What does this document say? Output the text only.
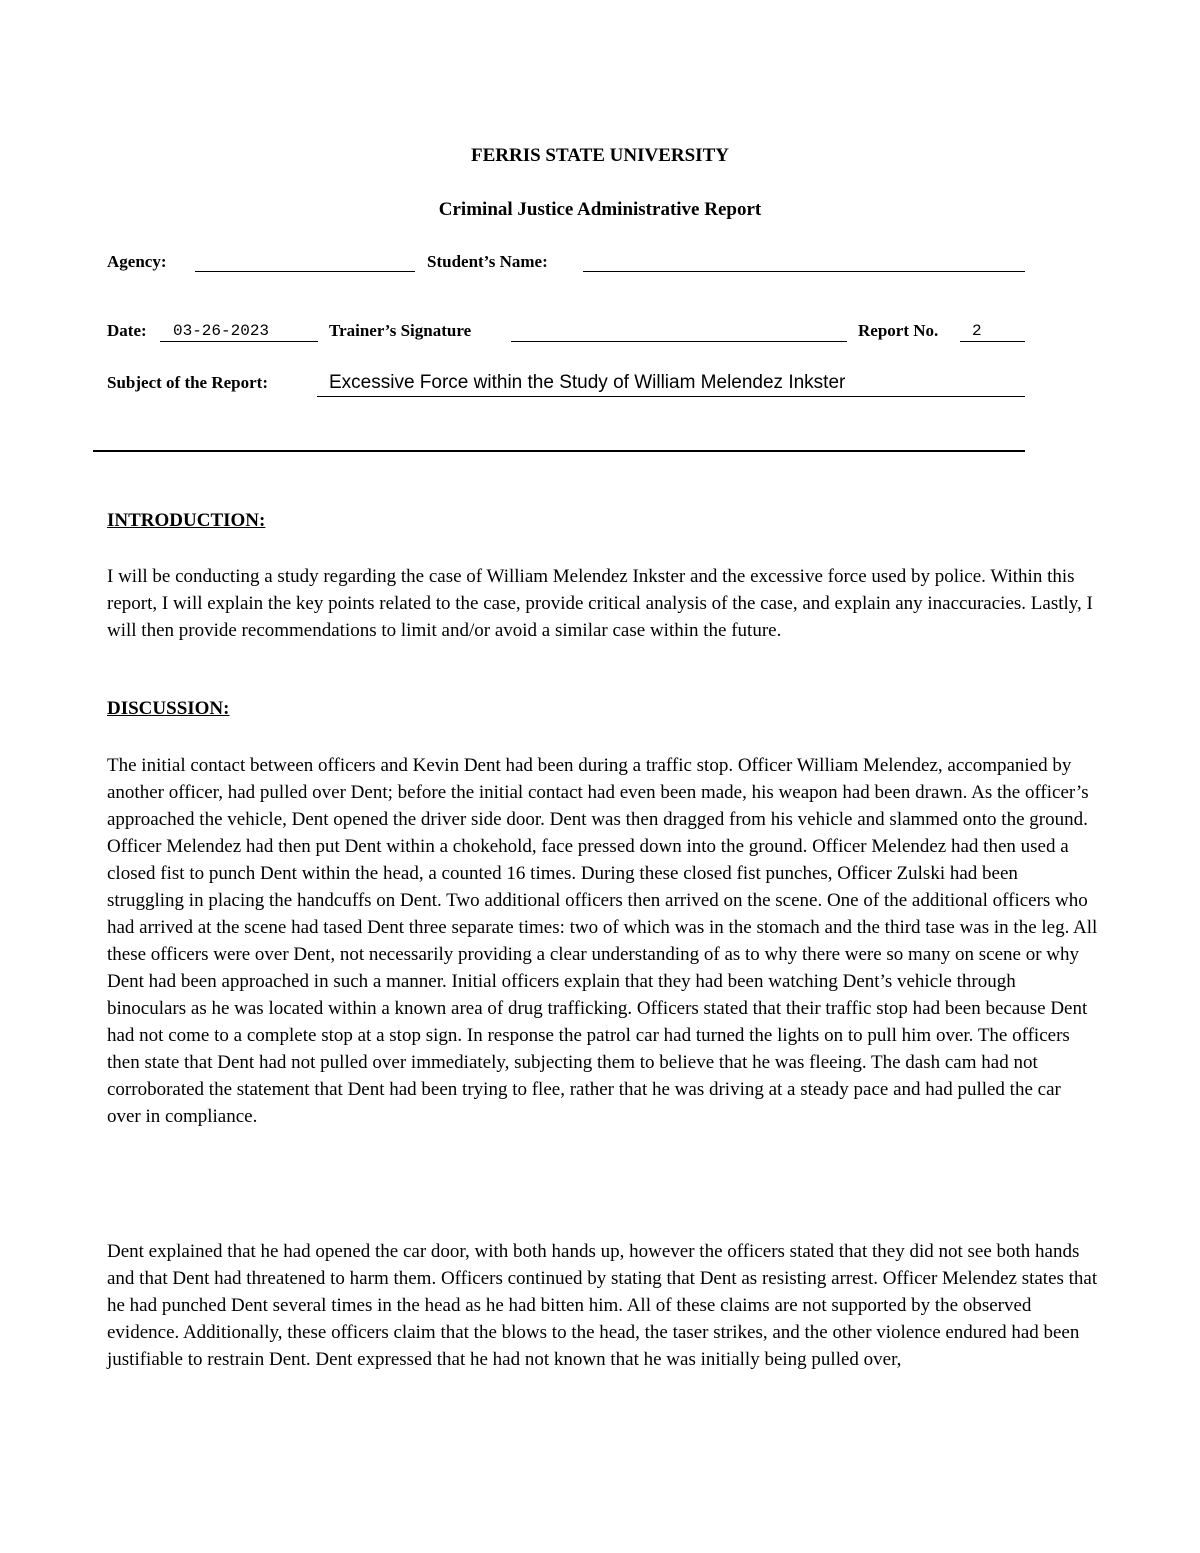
FERRIS STATE UNIVERSITY
Criminal Justice Administrative Report
Agency:	Student’s Name:
Date: 03-26-2023	Trainer’s Signature	Report No. 2
Subject of the Report:	Excessive Force within the Study of William Melendez Inkster
INTRODUCTION:
I will be conducting a study regarding the case of William Melendez Inkster and the excessive force used by police. Within this report, I will explain the key points related to the case, provide critical analysis of the case, and explain any inaccuracies. Lastly, I will then provide recommendations to limit and/or avoid a similar case within the future.
DISCUSSION:
The initial contact between officers and Kevin Dent had been during a traffic stop. Officer William Melendez, accompanied by another officer, had pulled over Dent; before the initial contact had even been made, his weapon had been drawn. As the officer’s approached the vehicle, Dent opened the driver side door. Dent was then dragged from his vehicle and slammed onto the ground. Officer Melendez had then put Dent within a chokehold, face pressed down into the ground. Officer Melendez had then used a closed fist to punch Dent within the head, a counted 16 times. During these closed fist punches, Officer Zulski had been struggling in placing the handcuffs on Dent. Two additional officers then arrived on the scene. One of the additional officers who had arrived at the scene had tased Dent three separate times: two of which was in the stomach and the third tase was in the leg. All these officers were over Dent, not necessarily providing a clear understanding of as to why there were so many on scene or why Dent had been approached in such a manner. Initial officers explain that they had been watching Dent’s vehicle through binoculars as he was located within a known area of drug trafficking. Officers stated that their traffic stop had been because Dent had not come to a complete stop at a stop sign. In response the patrol car had turned the lights on to pull him over. The officers then state that Dent had not pulled over immediately, subjecting them to believe that he was fleeing. The dash cam had not corroborated the statement that Dent had been trying to flee, rather that he was driving at a steady pace and had pulled the car over in compliance.
Dent explained that he had opened the car door, with both hands up, however the officers stated that they did not see both hands and that Dent had threatened to harm them. Officers continued by stating that Dent as resisting arrest. Officer Melendez states that he had punched Dent several times in the head as he had bitten him. All of these claims are not supported by the observed evidence. Additionally, these officers claim that the blows to the head, the taser strikes, and the other violence endured had been justifiable to restrain Dent. Dent expressed that he had not known that he was initially being pulled over,
